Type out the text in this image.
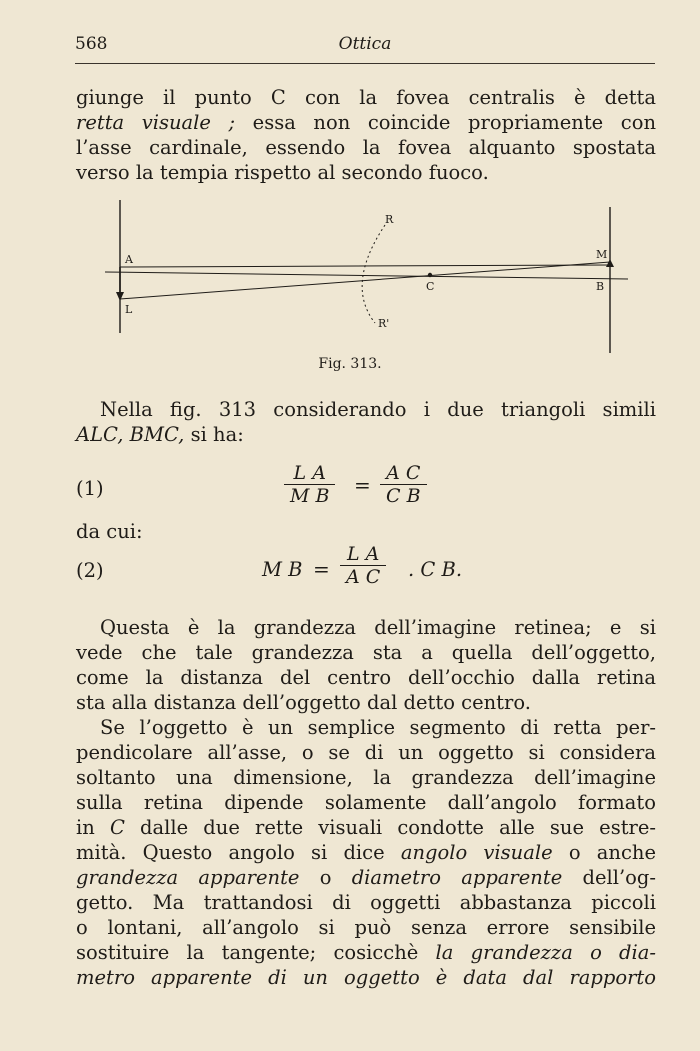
568	Ottica
giunge il punto C con la fovea centralis è detta
retta visuale ; essa non coincide propriamente con
l’asse cardinale, essendo la fovea alquanto spostata
verso la tempia rispetto al secondo fuoco.
A
L
R
R'
C
M
B
Fig. 313.
Nella fig. 313 considerando i due triangoli simili
ALC, BMC, si ha:
(1)	$\frac{\text{L A}}{\text{M B}} = \frac{\text{A C}}{\text{C B}}$
da cui:
(2)	M $B = \frac{\text{L A}}{\text{A C}}$ . C B.
Questa è la grandezza dell’imagine retinea; e si
vede che tale grandezza sta a quella dell’oggetto,
come la distanza del centro dell’occhio dalla retina
sta alla distanza dell’oggetto dal detto centro.
Se l’oggetto è un semplice segmento di retta per-
pendicolare all’asse, o se di un oggetto si considera
soltanto una dimensione, la grandezza dell’imagine
sulla retina dipende solamente dall’angolo formato
in C dalle due rette visuali condotte alle sue estre-
mità. Questo angolo si dice angolo visuale o anche
grandezza apparente o diametro apparente dell’og-
getto. Ma trattandosi di oggetti abbastanza piccoli
o lontani, all’angolo si può senza errore sensibile
sostituire la tangente; cosicchè la grandezza o dia-
metro apparente di un oggetto è data dal rapporto
